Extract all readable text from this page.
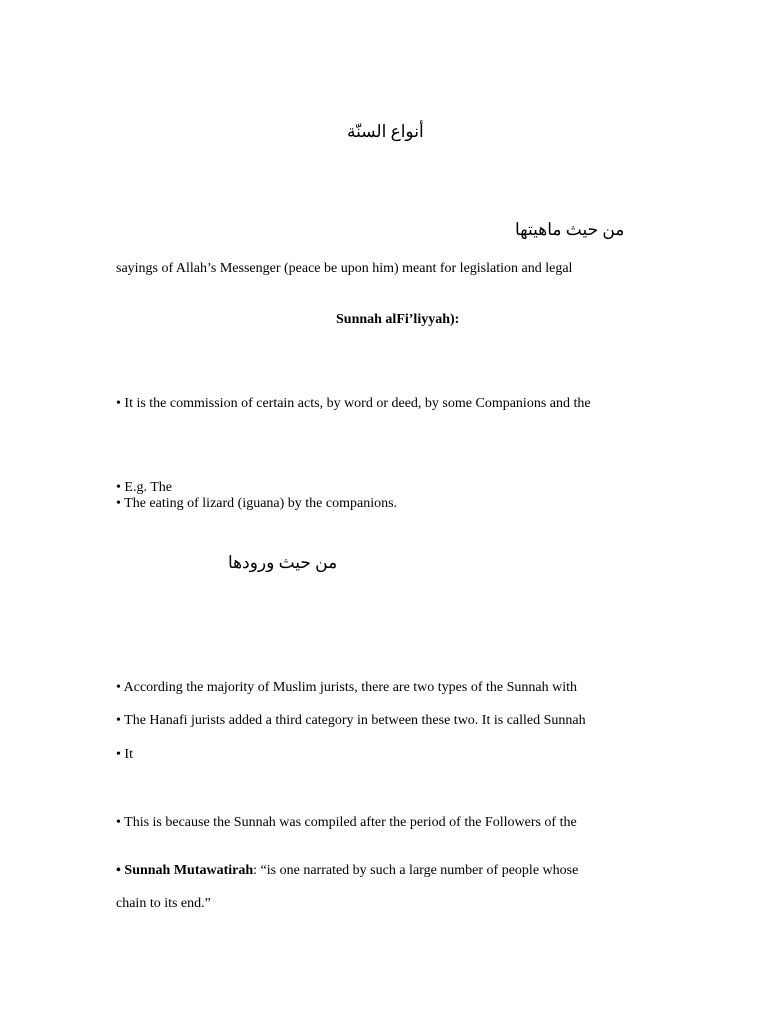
أنواع السنّة
من حيث ماهيتها
sayings of Allah’s Messenger (peace be upon him) meant for legislation and legal
Sunnah alFi’liyyah):
• It is the commission of certain acts, by word or deed, by some Companions and the
• E.g. The
• The eating of lizard (iguana) by the companions.
من حيث ورودها
• According the majority of Muslim jurists, there are two types of the Sunnah with
• The Hanafi jurists added a third category in between these two. It is called Sunnah
• It
• This is because the Sunnah was compiled after the period of the Followers of the
• Sunnah Mutawatirah: “is one narrated by such a large number of people whose
chain to its end.”
